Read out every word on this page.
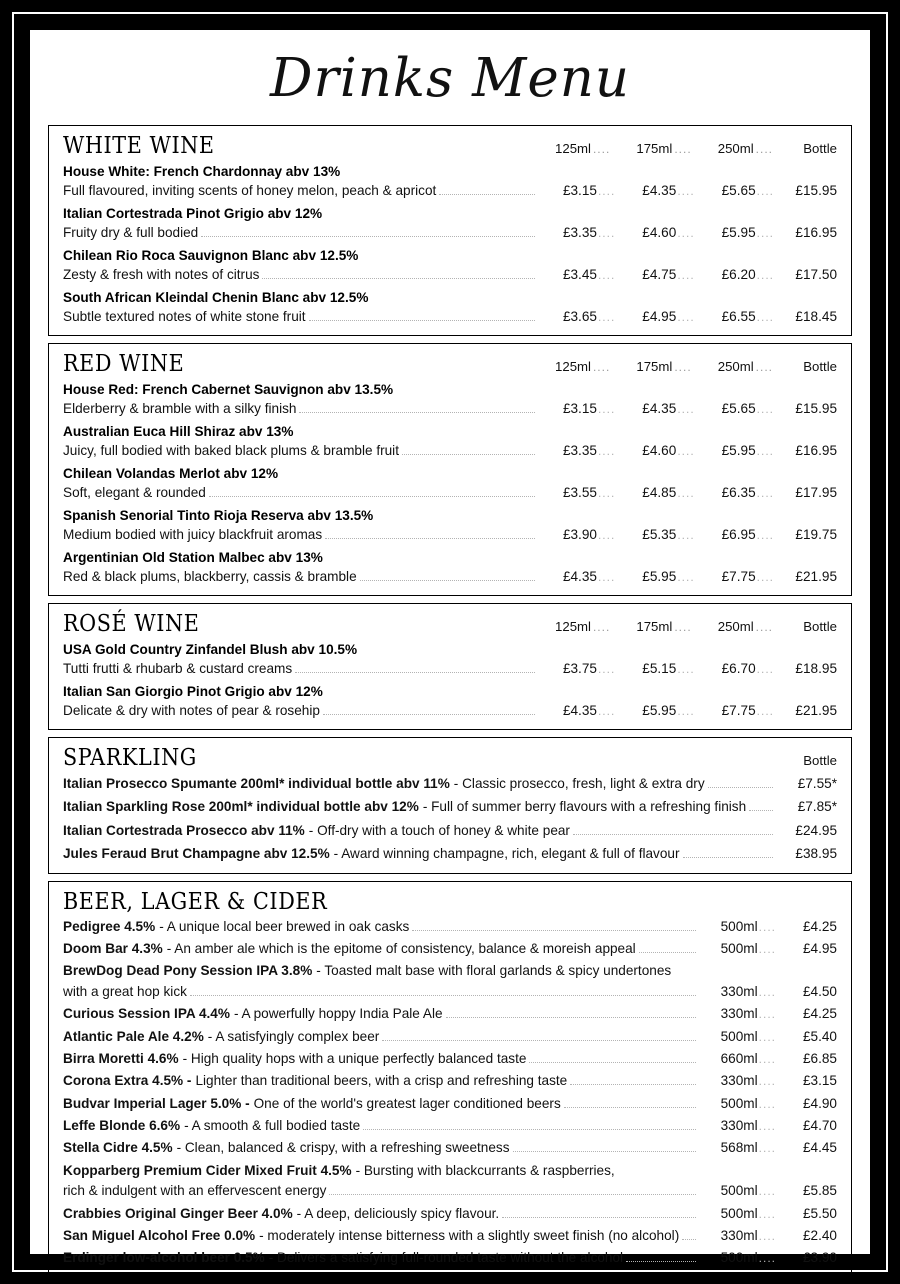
Drinks Menu
WHITE WINE	125ml ....	175ml ....	250ml ....	Bottle
House White: French Chardonnay abv 13%
Full flavoured, inviting scents of honey melon, peach & apricot	£3.15 ....	£4.35 ....	£5.65 ....	£15.95
Italian Cortestrada Pinot Grigio abv 12%
Fruity dry & full bodied	£3.35 ....	£4.60 ....	£5.95 ....	£16.95
Chilean Rio Roca Sauvignon Blanc abv 12.5%
Zesty & fresh with notes of citrus	£3.45 ....	£4.75 ....	£6.20 ....	£17.50
South African Kleindal Chenin Blanc abv 12.5%
Subtle textured notes of white stone fruit	£3.65 ....	£4.95 ....	£6.55 ....	£18.45
RED WINE	125ml ....	175ml ....	250ml ....	Bottle
House Red: French Cabernet Sauvignon abv 13.5%
Elderberry & bramble with a silky finish	£3.15 ....	£4.35 ....	£5.65 ....	£15.95
Australian Euca Hill Shiraz abv 13%
Juicy, full bodied with baked black plums & bramble fruit	£3.35 ....	£4.60 ....	£5.95 ....	£16.95
Chilean Volandas Merlot abv 12%
Soft, elegant & rounded	£3.55 ....	£4.85 ....	£6.35 ....	£17.95
Spanish Senorial Tinto Rioja Reserva abv 13.5%
Medium bodied with juicy blackfruit aromas	£3.90 ....	£5.35 ....	£6.95 ....	£19.75
Argentinian Old Station Malbec abv 13%
Red & black plums, blackberry, cassis & bramble	£4.35 ....	£5.95 ....	£7.75 ....	£21.95
ROSÉ WINE	125ml ....	175ml ....	250ml ....	Bottle
USA Gold Country Zinfandel Blush abv 10.5%
Tutti frutti & rhubarb & custard creams	£3.75 ....	£5.15 ....	£6.70 ....	£18.95
Italian San Giorgio Pinot Grigio abv 12%
Delicate & dry with notes of pear & rosehip	£4.35 ....	£5.95 ....	£7.75 ....	£21.95
SPARKLING	Bottle
Italian Prosecco Spumante 200ml* individual bottle abv 11% - Classic prosecco, fresh, light & extra dry	£7.55*
Italian Sparkling Rose 200ml* individual bottle abv 12% - Full of summer berry flavours with a refreshing finish	£7.85*
Italian Cortestrada Prosecco abv 11% - Off-dry with a touch of honey & white pear	£24.95
Jules Feraud Brut Champagne abv 12.5% - Award winning champagne, rich, elegant & full of flavour	£38.95
BEER, LAGER & CIDER
Pedigree 4.5% - A unique local beer brewed in oak casks	500ml ....	£4.25
Doom Bar 4.3% - An amber ale which is the epitome of consistency, balance & moreish appeal	500ml ....	£4.95
BrewDog Dead Pony Session IPA 3.8% - Toasted malt base with floral garlands & spicy undertones
with a great hop kick	330ml ....	£4.50
Curious Session IPA 4.4% - A powerfully hoppy India Pale Ale	330ml ....	£4.25
Atlantic Pale Ale 4.2% - A satisfyingly complex beer	500ml ....	£5.40
Birra Moretti 4.6% - High quality hops with a unique perfectly balanced taste	660ml ....	£6.85
Corona Extra 4.5% - Lighter than traditional beers, with a crisp and refreshing taste	330ml ....	£3.15
Budvar Imperial Lager 5.0% - One of the world's greatest lager conditioned beers	500ml ....	£4.90
Leffe Blonde 6.6% - A smooth & full bodied taste	330ml ....	£4.70
Stella Cidre 4.5% - Clean, balanced & crispy, with a refreshing sweetness	568ml ....	£4.45
Kopparberg Premium Cider Mixed Fruit 4.5% - Bursting with blackcurrants & raspberries,
rich & indulgent with an effervescent energy	500ml ....	£5.85
Crabbies Original Ginger Beer 4.0% - A deep, deliciously spicy flavour.	500ml ....	£5.50
San Miguel Alcohol Free 0.0% - moderately intense bitterness with a slightly sweet finish (no alcohol)	330ml ....	£2.40
Erdinger low-alcohol beer 0.5% - Delivers a satisfying full-rounded taste without the alcohol	500ml ....	£3.90
